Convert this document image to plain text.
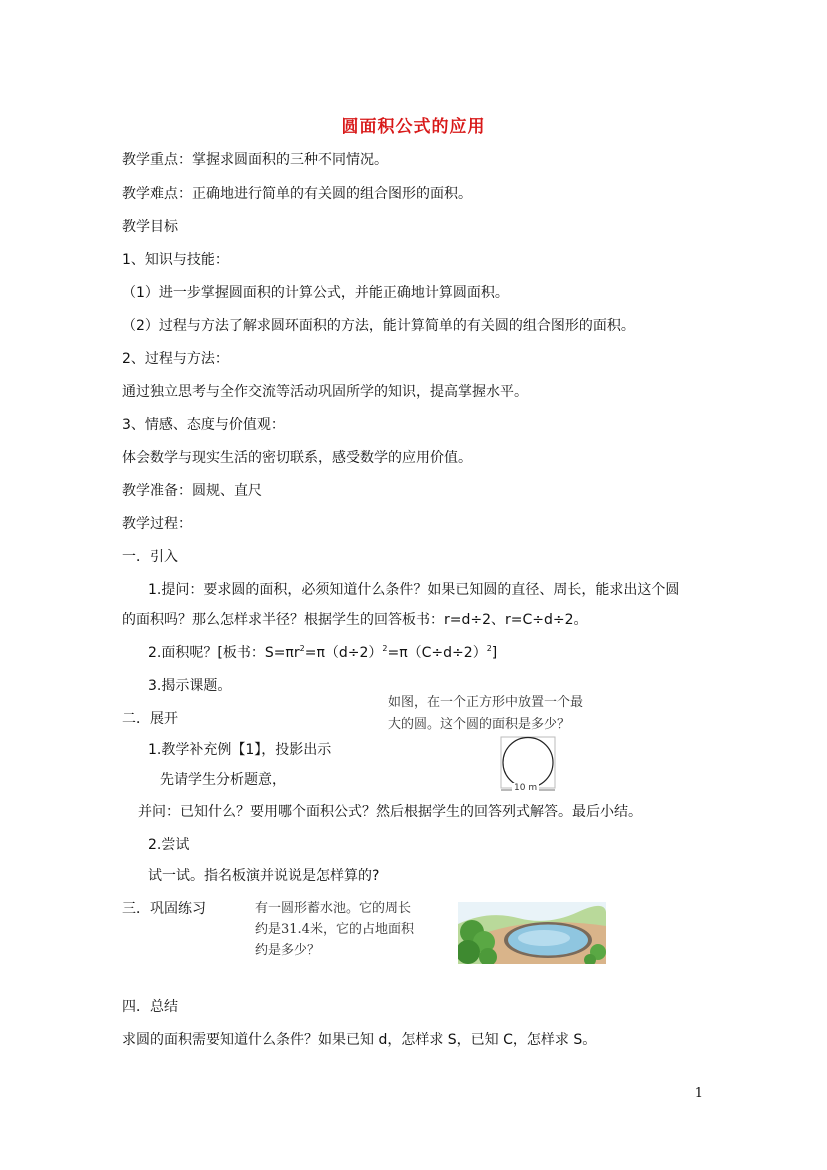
圆面积公式的应用
教学重点：掌握求圆面积的三种不同情况。
教学难点：正确地进行简单的有关圆的组合图形的面积。
教学目标
1、知识与技能：
（1）进一步掌握圆面积的计算公式，并能正确地计算圆面积。
（2）过程与方法了解求圆环面积的方法，能计算简单的有关圆的组合图形的面积。
2、过程与方法：
通过独立思考与全作交流等活动巩固所学的知识，提高掌握水平。
3、情感、态度与价值观：
体会数学与现实生活的密切联系，感受数学的应用价值。
教学准备：圆规、直尺
教学过程：
一．引入
1.提问：要求圆的面积，必须知道什么条件？如果已知圆的直径、周长，能求出这个圆
的面积吗？那么怎样求半径？根据学生的回答板书：r=d÷2、r=C÷d÷2。
2.面积呢？[板书：$S=\pi r^2=\pi(d\div 2)^2=\pi(C\div d\div 2)^2$]
3.揭示课题。
二．展开
如图，在一个正方形中放置一个最
大的圆。这个圆的面积是多少？
10 m
1.教学补充例【1】，投影出示
先请学生分析题意，
并问：已知什么？要用哪个面积公式？然后根据学生的回答列式解答。最后小结。
2.尝试
试一试。指名板演并说说是怎样算的?
三．巩固练习	有一圆形蓄水池。它的周长
约是31.4米，它的占地面积
约是多少？
四．总结
求圆的面积需要知道什么条件？如果已知 d，怎样求 S，已知 C，怎样求 S。
1
